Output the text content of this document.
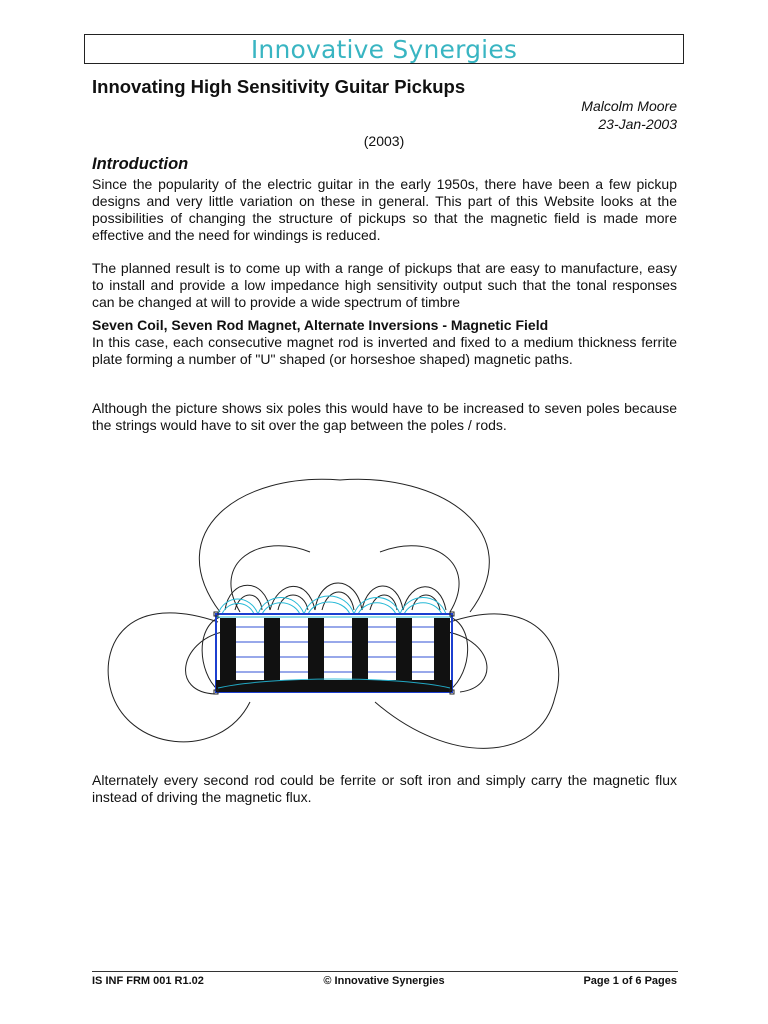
Innovative Synergies
Innovating High Sensitivity Guitar Pickups
Malcolm Moore
23-Jan-2003
(2003)
Introduction

Since the popularity of the electric guitar in the early 1950s, there have been a few pickup designs and very little variation on these in general. This part of this Website looks at the possibilities of changing the structure of pickups so that the magnetic field is made more effective and the need for windings is reduced.

The planned result is to come up with a range of pickups that are easy to manufacture, easy to install and provide a low impedance high sensitivity output such that the tonal responses can be changed at will to provide a wide spectrum of timbre

Seven Coil, Seven Rod Magnet, Alternate Inversions - Magnetic Field

In this case, each consecutive magnet rod is inverted and fixed to a medium thickness ferrite plate forming a number of "U" shaped (or horseshoe shaped) magnetic paths.

Although the picture shows six poles this would have to be increased to seven poles because the strings would have to sit over the gap between the poles / rods.

Alternately every second rod could be ferrite or soft iron and simply carry the magnetic flux instead of driving the magnetic flux.

IS INF FRM 001 R1.02	© Innovative Synergies	Page 1 of 6 Pages
